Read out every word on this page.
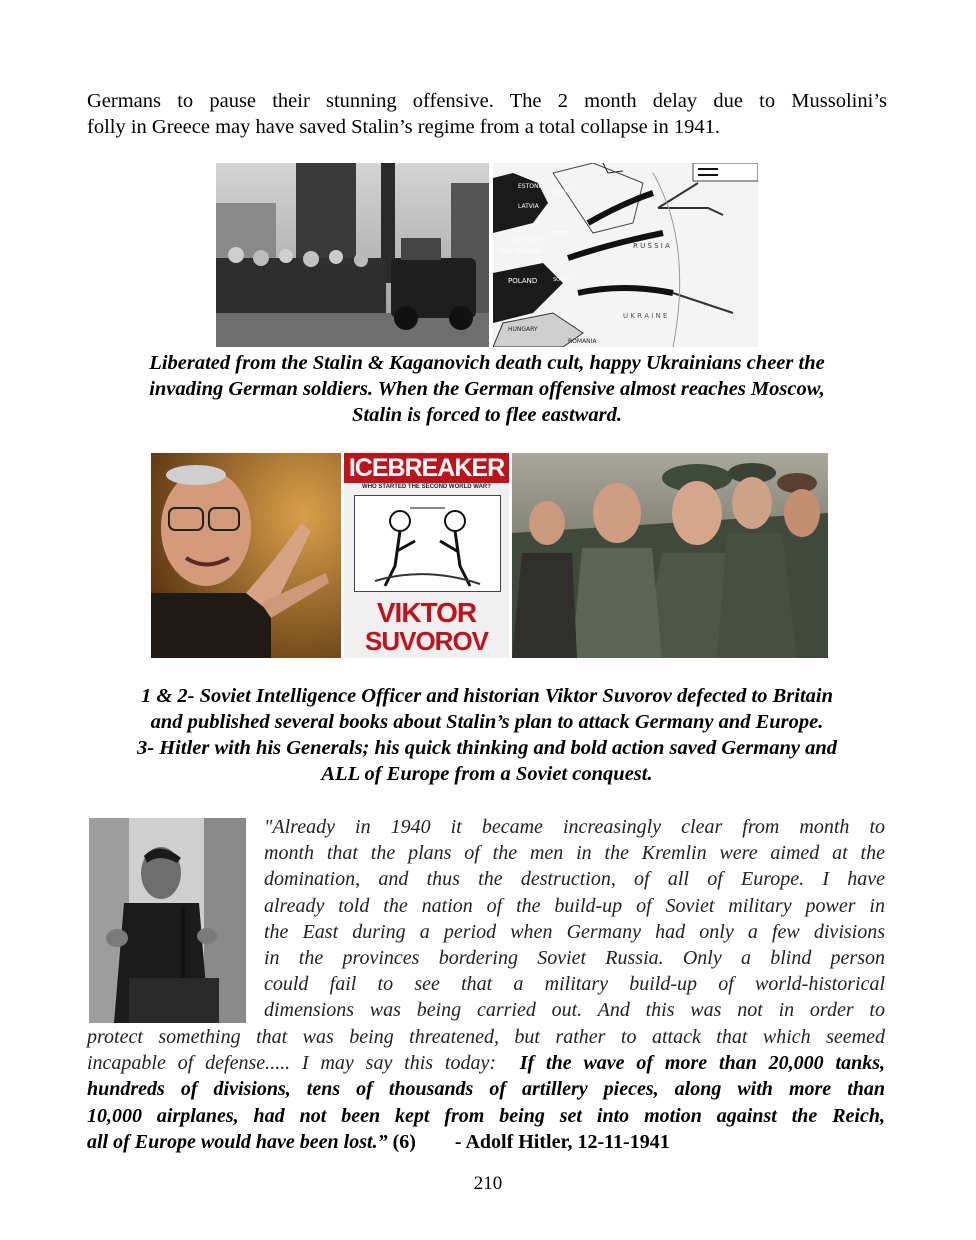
Germans to pause their stunning offensive. The 2 month delay due to Mussolini’s
folly in Greece may have saved Stalin’s regime from a total collapse in 1941.
LITHUANIA
LATVIA
ESTONIA
EAST PRUSSIA
POLAND
HUNGARY
ROMANIA
R U S S I A
U K R A I N E
CENTER
NORTH
SOUTH
Liberated from the Stalin & Kaganovich death cult, happy Ukrainians cheer the
invading German soldiers. When the German offensive almost reaches Moscow,
Stalin is forced to flee eastward.
ICEBREAKER
WHO STARTED THE SECOND WORLD WAR?
VIKTOR
SUVOROV
1 & 2- Soviet Intelligence Officer and historian Viktor Suvorov defected to Britain
and published several books about Stalin’s plan to attack Germany and Europe.
3- Hitler with his Generals; his quick thinking and bold action saved Germany and
ALL of Europe from a Soviet conquest.
"Already in 1940 it became increasingly clear from month to
month that the plans of the men in the Kremlin were aimed at the
domination, and thus the destruction, of all of Europe. I have
already told the nation of the build-up of Soviet military power in
the East during a period when Germany had only a few divisions
in the provinces bordering Soviet Russia. Only a blind person
could fail to see that a military build-up of world-historical
dimensions was being carried out. And this was not in order to
protect something that was being threatened, but rather to attack that which seemed
incapable of defense..... I may say this today: If the wave of more than 20,000 tanks,
hundreds of divisions, tens of thousands of artillery pieces, along with more than
10,000 airplanes, had not been kept from being set into motion against the Reich,
all of Europe would have been lost.” (6) - Adolf Hitler, 12-11-1941
210
